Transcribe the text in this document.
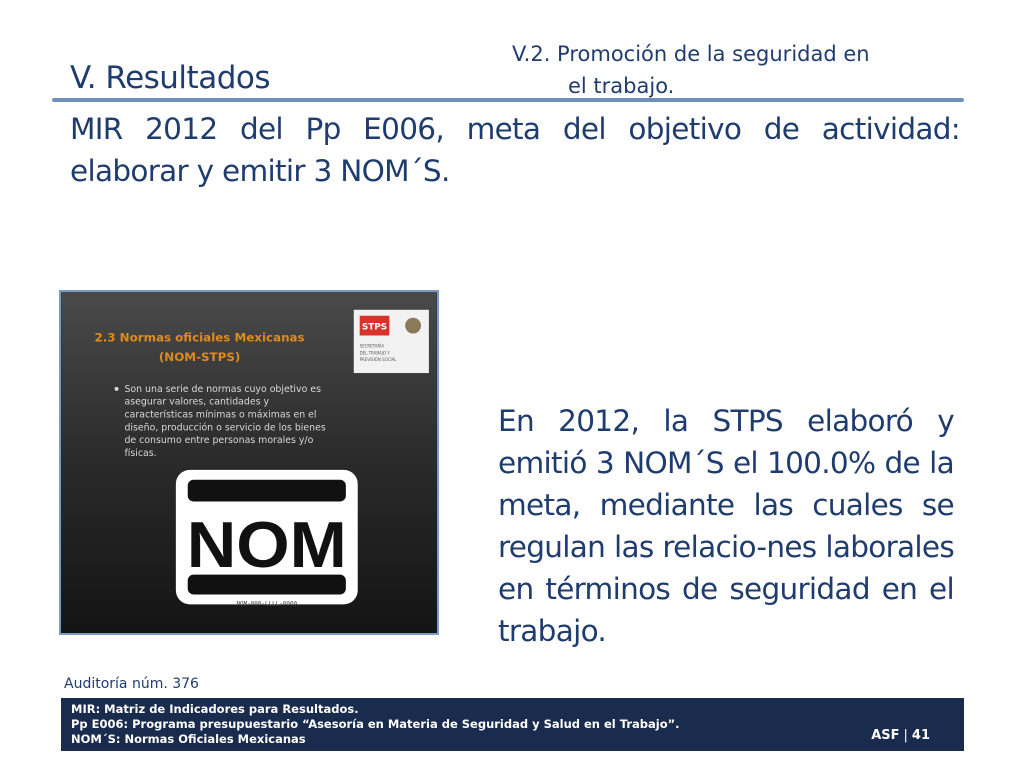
V. Resultados
V.2. Promoción de la seguridad en
el trabajo.

MIR 2012 del Pp E006, meta del objetivo de actividad: elaborar y emitir 3 NOM´S.

STPS
SECRETARÍA
DEL TRABAJO Y
PREVISIÓN SOCIAL
2.3 Normas oficiales Mexicanas
(NOM-STPS)
Son una serie de normas cuyo objetivo es
asegurar valores, cantidades y
características mínimas o máximas en el
diseño, producción o servicio de los bienes
de consumo entre personas morales y/o
físicas.
NOM
NOM-000-LLLL-0000

En 2012, la STPS elaboró y emitió 3 NOM´S el 100.0% de la meta, mediante las cuales se regulan las relacio-nes laborales en términos de seguridad en el trabajo.

Auditoría núm. 376
MIR: Matriz de Indicadores para Resultados.
Pp E006: Programa presupuestario “Asesoría en Materia de Seguridad y Salud en el Trabajo”.
NOM´S: Normas Oficiales Mexicanas	ASF | 41
